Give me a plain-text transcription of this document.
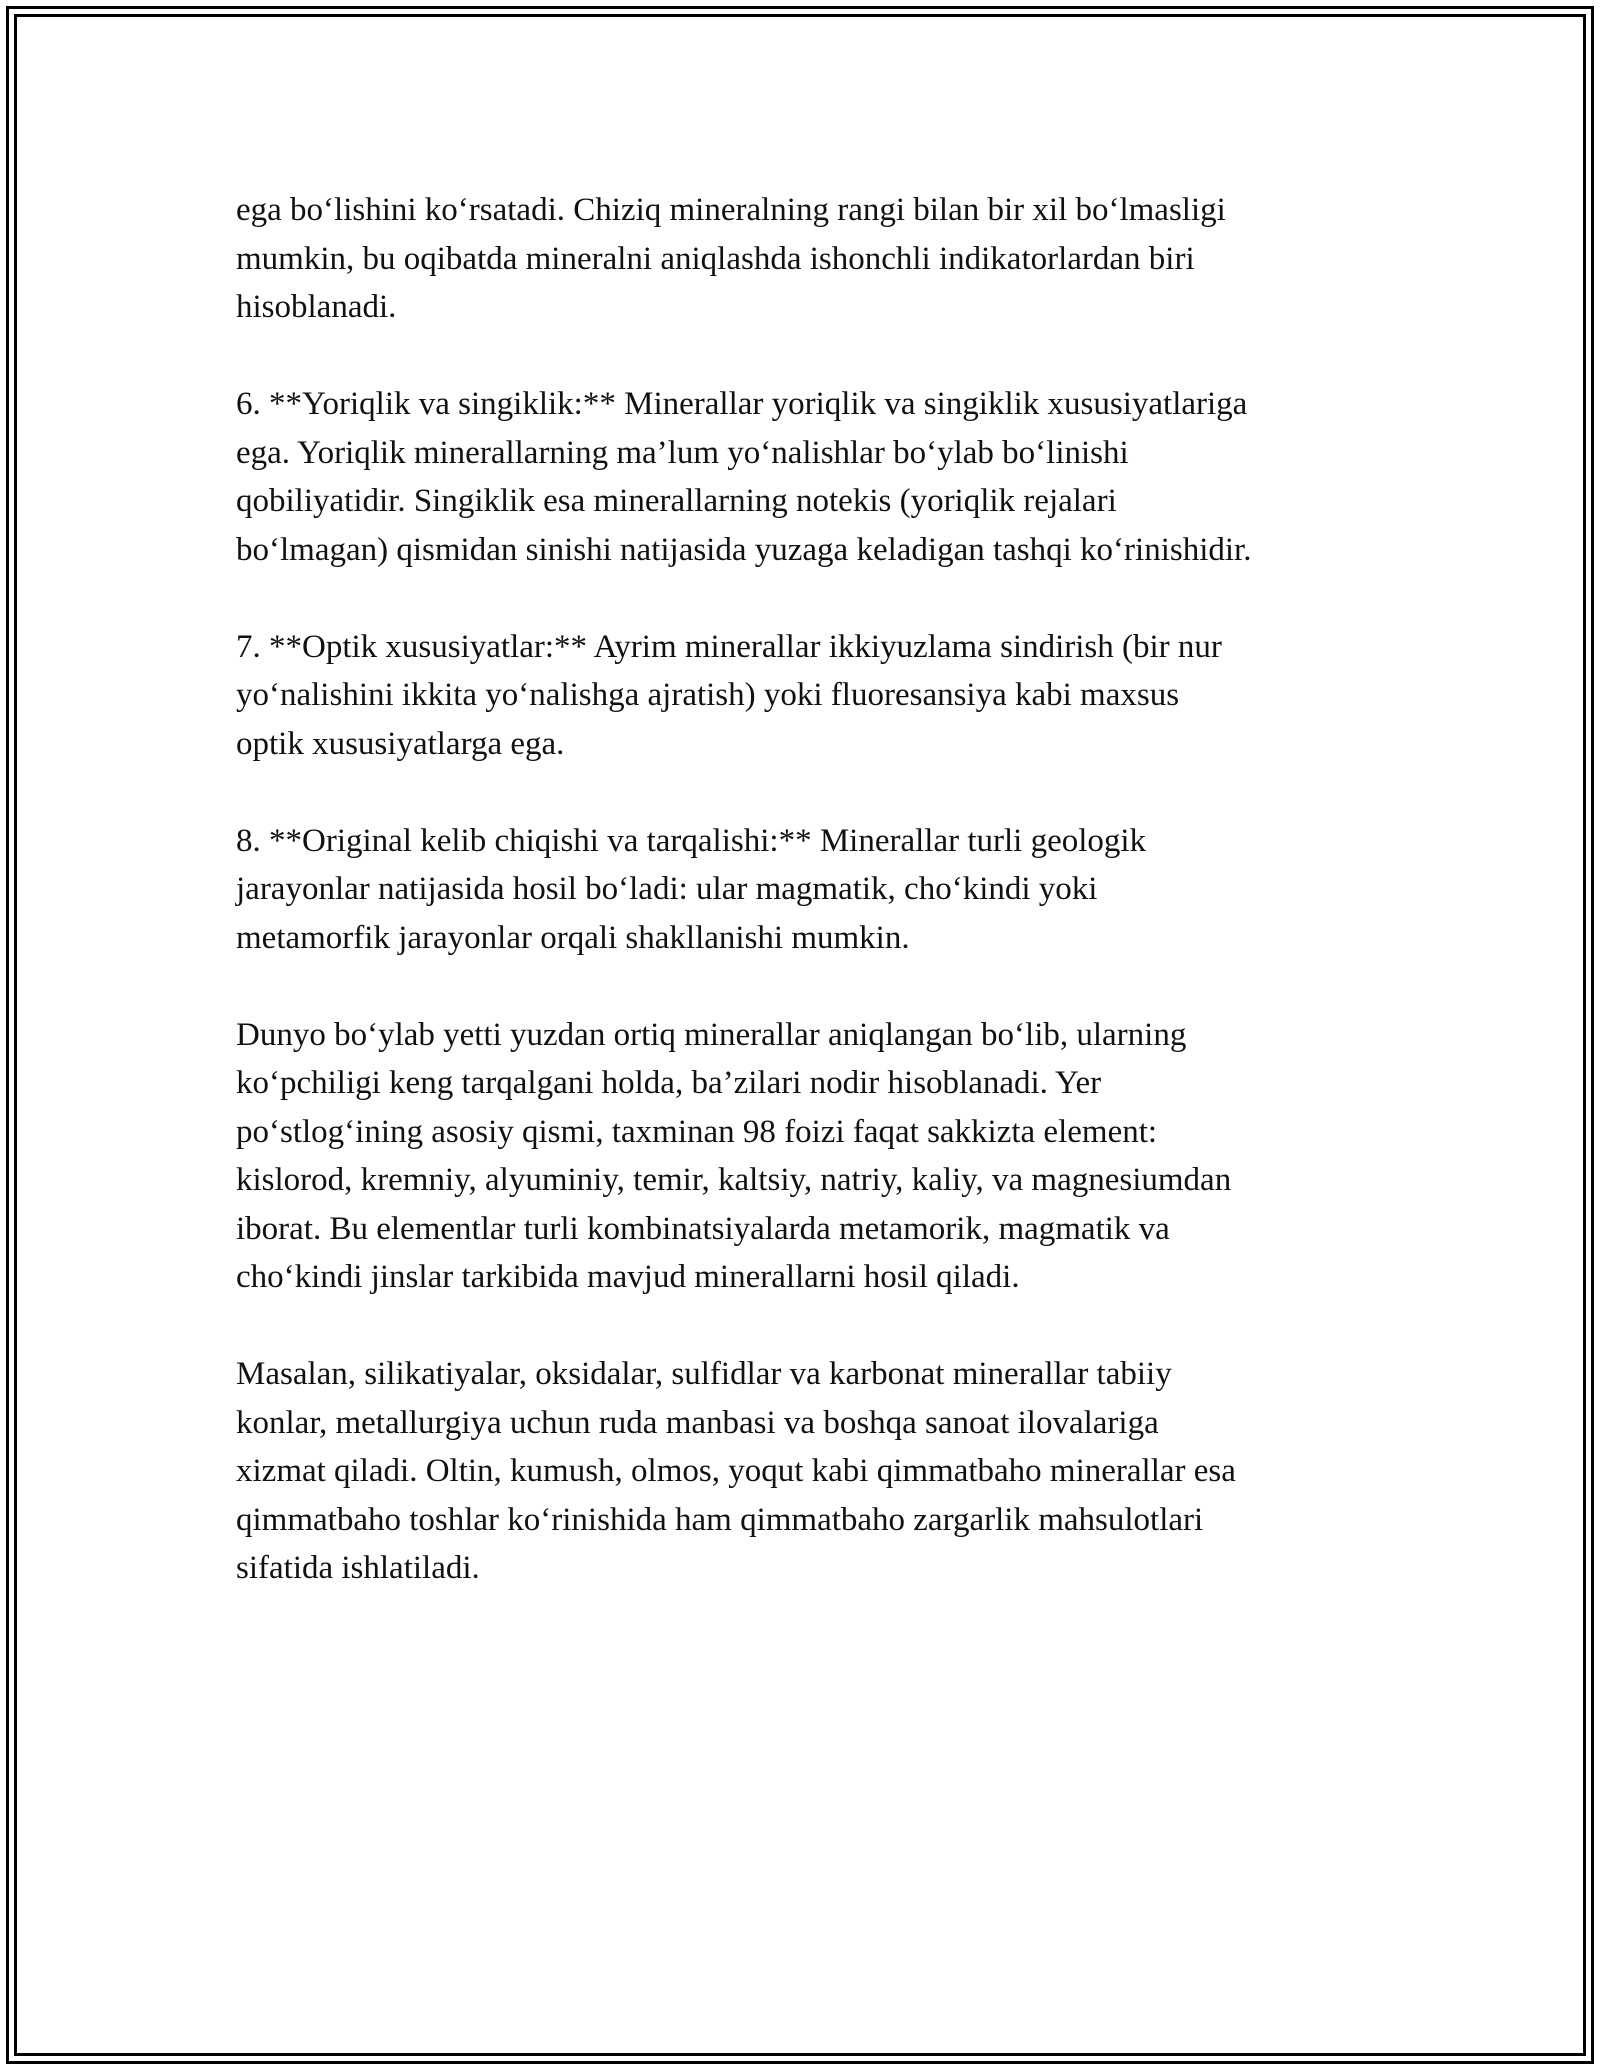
ega bo‘lishini ko‘rsatadi. Chiziq mineralning rangi bilan bir xil bo‘lmasligi
mumkin, bu oqibatda mineralni aniqlashda ishonchli indikatorlardan biri
hisoblanadi.

6. **Yoriqlik va singiklik:** Minerallar yoriqlik va singiklik xususiyatlariga
ega. Yoriqlik minerallarning ma’lum yo‘nalishlar bo‘ylab bo‘linishi
qobiliyatidir. Singiklik esa minerallarning notekis (yoriqlik rejalari
bo‘lmagan) qismidan sinishi natijasida yuzaga keladigan tashqi ko‘rinishidir.

7. **Optik xususiyatlar:** Ayrim minerallar ikkiyuzlama sindirish (bir nur
yo‘nalishini ikkita yo‘nalishga ajratish) yoki fluoresansiya kabi maxsus
optik xususiyatlarga ega.

8. **Original kelib chiqishi va tarqalishi:** Minerallar turli geologik
jarayonlar natijasida hosil bo‘ladi: ular magmatik, cho‘kindi yoki
metamorfik jarayonlar orqali shakllanishi mumkin.

Dunyo bo‘ylab yetti yuzdan ortiq minerallar aniqlangan bo‘lib, ularning
ko‘pchiligi keng tarqalgani holda, ba’zilari nodir hisoblanadi. Yer
po‘stlog‘ining asosiy qismi, taxminan 98 foizi faqat sakkizta element:
kislorod, kremniy, alyuminiy, temir, kaltsiy, natriy, kaliy, va magnesiumdan
iborat. Bu elementlar turli kombinatsiyalarda metamorik, magmatik va
cho‘kindi jinslar tarkibida mavjud minerallarni hosil qiladi.

Masalan, silikatiyalar, oksidalar, sulfidlar va karbonat minerallar tabiiy
konlar, metallurgiya uchun ruda manbasi va boshqa sanoat ilovalariga
xizmat qiladi. Oltin, kumush, olmos, yoqut kabi qimmatbaho minerallar esa
qimmatbaho toshlar ko‘rinishida ham qimmatbaho zargarlik mahsulotlari
sifatida ishlatiladi.
